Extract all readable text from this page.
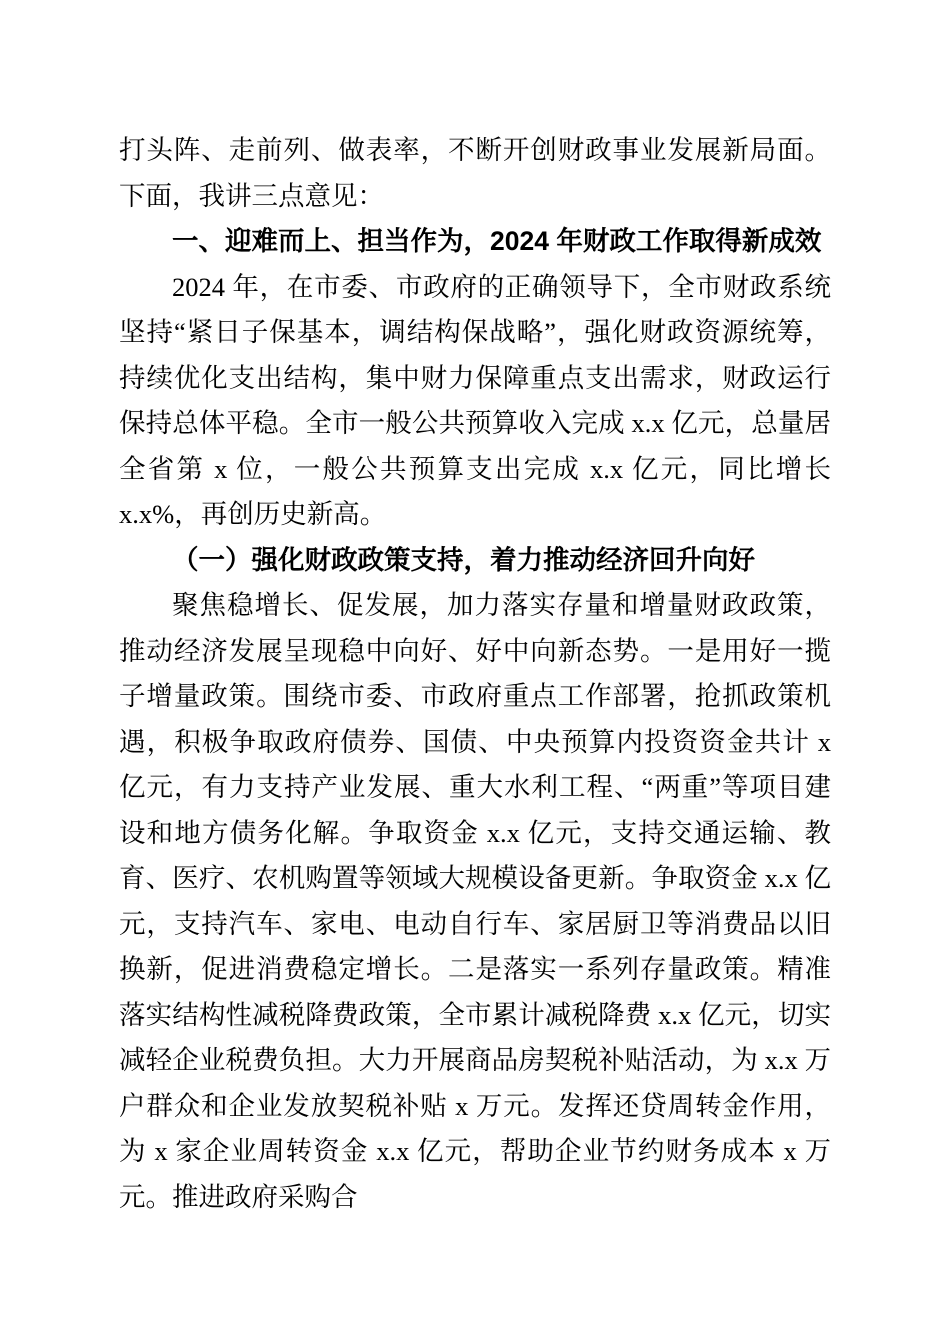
打头阵、走前列、做表率，不断开创财政事业发展新局面。下面，我讲三点意见：

一、迎难而上、担当作为，2024 年财政工作取得新成效

2024 年，在市委、市政府的正确领导下，全市财政系统坚持“紧日子保基本，调结构保战略”，强化财政资源统筹，持续优化支出结构，集中财力保障重点支出需求，财政运行保持总体平稳。全市一般公共预算收入完成 x.x 亿元，总量居全省第 x 位，一般公共预算支出完成 x.x 亿元，同比增长 x.x%，再创历史新高。

（一）强化财政政策支持，着力推动经济回升向好

聚焦稳增长、促发展，加力落实存量和增量财政政策，推动经济发展呈现稳中向好、好中向新态势。一是用好一揽子增量政策。围绕市委、市政府重点工作部署，抢抓政策机遇，积极争取政府债券、国债、中央预算内投资资金共计 x 亿元，有力支持产业发展、重大水利工程、“两重”等项目建设和地方债务化解。争取资金 x.x 亿元，支持交通运输、教育、医疗、农机购置等领域大规模设备更新。争取资金 x.x 亿元，支持汽车、家电、电动自行车、家居厨卫等消费品以旧换新，促进消费稳定增长。二是落实一系列存量政策。精准落实结构性减税降费政策，全市累计减税降费 x.x 亿元，切实减轻企业税费负担。大力开展商品房契税补贴活动，为 x.x 万户群众和企业发放契税补贴 x 万元。发挥还贷周转金作用，为 x 家企业周转资金 x.x 亿元，帮助企业节约财务成本 x 万元。推进政府采购合
